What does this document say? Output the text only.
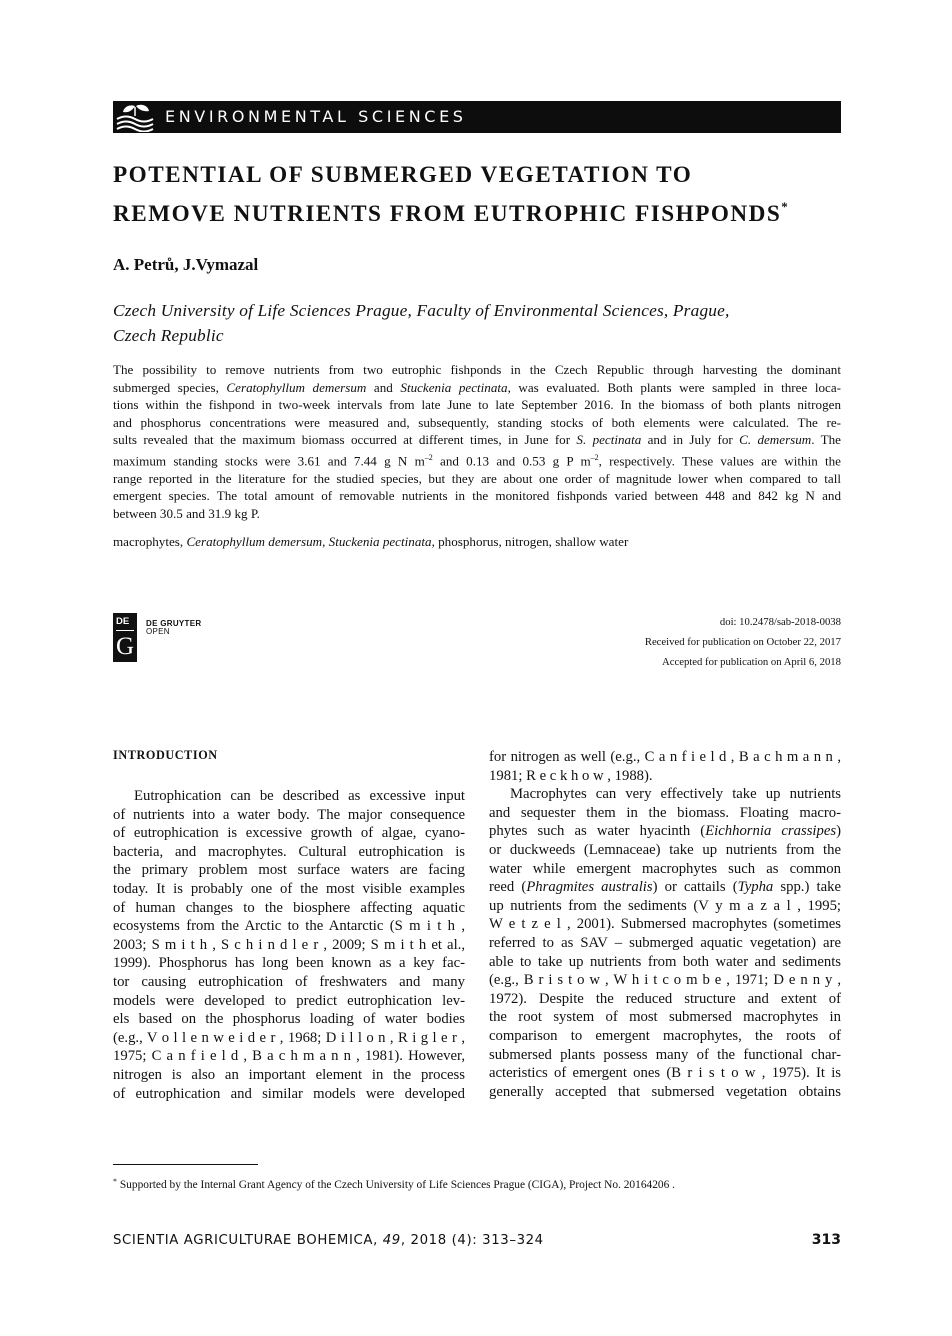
ENVIRONMENTAL SCIENCES
POTENTIAL OF SUBMERGED VEGETATION TO
REMOVE NUTRIENTS FROM EUTROPHIC FISHPONDS*
A. Petrů, J.Vymazal
Czech University of Life Sciences Prague, Faculty of Environmental Sciences, Prague,
Czech Republic
The possibility to remove nutrients from two eutrophic fishponds in the Czech Republic through harvesting the dominant
submerged species, Ceratophyllum demersum and Stuckenia pectinata, was evaluated. Both plants were sampled in three loca-
tions within the fishpond in two-week intervals from late June to late September 2016. In the biomass of both plants nitrogen
and phosphorus concentrations were measured and, subsequently, standing stocks of both elements were calculated. The re-
sults revealed that the maximum biomass occurred at different times, in June for S. pectinata and in July for C. demersum. The
maximum standing stocks were 3.61 and 7.44 g N $m^{-2}$ and 0.13 and 0.53 g P $m^{-2}$, respectively. These values are within the
range reported in the literature for the studied species, but they are about one order of magnitude lower when compared to tall
emergent species. The total amount of removable nutrients in the monitored fishponds varied between 448 and 842 kg N and
between 30.5 and 31.9 kg P.
macrophytes, Ceratophyllum demersum, Stuckenia pectinata, phosphorus, nitrogen, shallow water
DE
G
DE GRUYTER
OPEN
doi: 10.2478/sab-2018-0038
Received for publication on October 22, 2017
Accepted for publication on April 6, 2018
INTRODUCTION
Eutrophication can be described as excessive input
of nutrients into a water body. The major consequence
of eutrophication is excessive growth of algae, cyano-
bacteria, and macrophytes. Cultural eutrophication is
the primary problem most surface waters are facing
today. It is probably one of the most visible examples
of human changes to the biosphere affecting aquatic
ecosystems from the Arctic to the Antarctic (S m i t h ,
2003; S m i t h , S c h i n d l e r , 2009; S m i t h et al.,
1999). Phosphorus has long been known as a key fac-
tor causing eutrophication of freshwaters and many
models were developed to predict eutrophication lev-
els based on the phosphorus loading of water bodies
(e.g., V o l l e n w e i d e r , 1968; D i l l o n , R i g l e r ,
1975; C a n f i e l d , B a c h m a n n , 1981). However,
nitrogen is also an important element in the process
of eutrophication and similar models were developed
for nitrogen as well (e.g., C a n f i e l d , B a c h m a n n ,
1981; R e c k h o w , 1988).
Macrophytes can very effectively take up nutrients
and sequester them in the biomass. Floating macro-
phytes such as water hyacinth (Eichhornia crassipes)
or duckweeds (Lemnaceae) take up nutrients from the
water while emergent macrophytes such as common
reed (Phragmites australis) or cattails (Typha spp.) take
up nutrients from the sediments (V y m a z a l , 1995;
W e t z e l , 2001). Submersed macrophytes (sometimes
referred to as SAV – submerged aquatic vegetation) are
able to take up nutrients from both water and sediments
(e.g., B r i s t o w , W h i t c o m b e , 1971; D e n n y ,
1972). Despite the reduced structure and extent of
the root system of most submersed macrophytes in
comparison to emergent macrophytes, the roots of
submersed plants possess many of the functional char-
acteristics of emergent ones (B r i s t o w , 1975). It is
generally accepted that submersed vegetation obtains
* Supported by the Internal Grant Agency of the Czech University of Life Sciences Prague (CIGA), Project No. 20164206 .
SCIENTIA AGRICULTURAE BOHEMICA, 49, 2018 (4): 313–324	313
